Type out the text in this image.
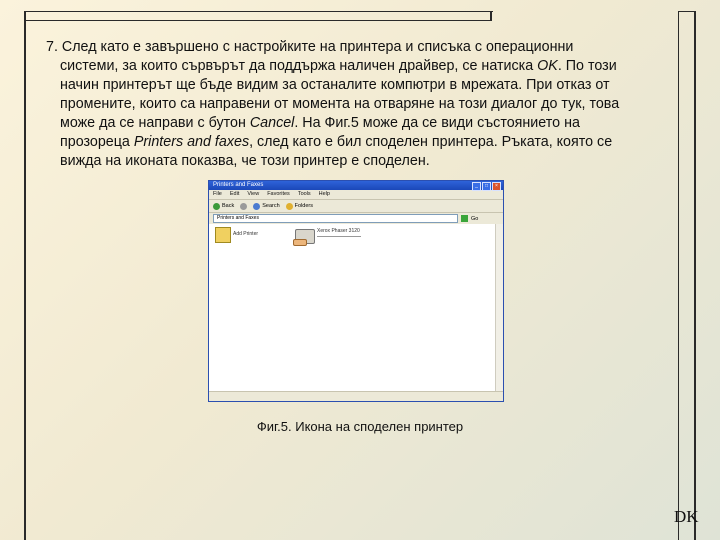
7. След като е завършено с настройките на принтера и списъка с операционни
системи, за които сървърът да поддържа наличен драйвер, се натиска OK. По този
начин принтерът ще бъде видим за останалите компютри в мрежата. При отказ от
промените, които са направени от момента на отваряне на този диалог до тук, това
може да се направи с бутон Cancel. На Фиг.5 може да се види състоянието на
прозореца Printers and faxes, след като е бил споделен принтера. Ръката, която се
вижда на иконата показва, че този принтер е споделен.

Printers and Faxes	_	□	×
File Edit View Favorites Tools Help
Back	Search	Folders
Printers and Faxes	Go
Add Printer	Xerox Phaser 3120

Фиг.5. Икона на споделен принтер

DK
